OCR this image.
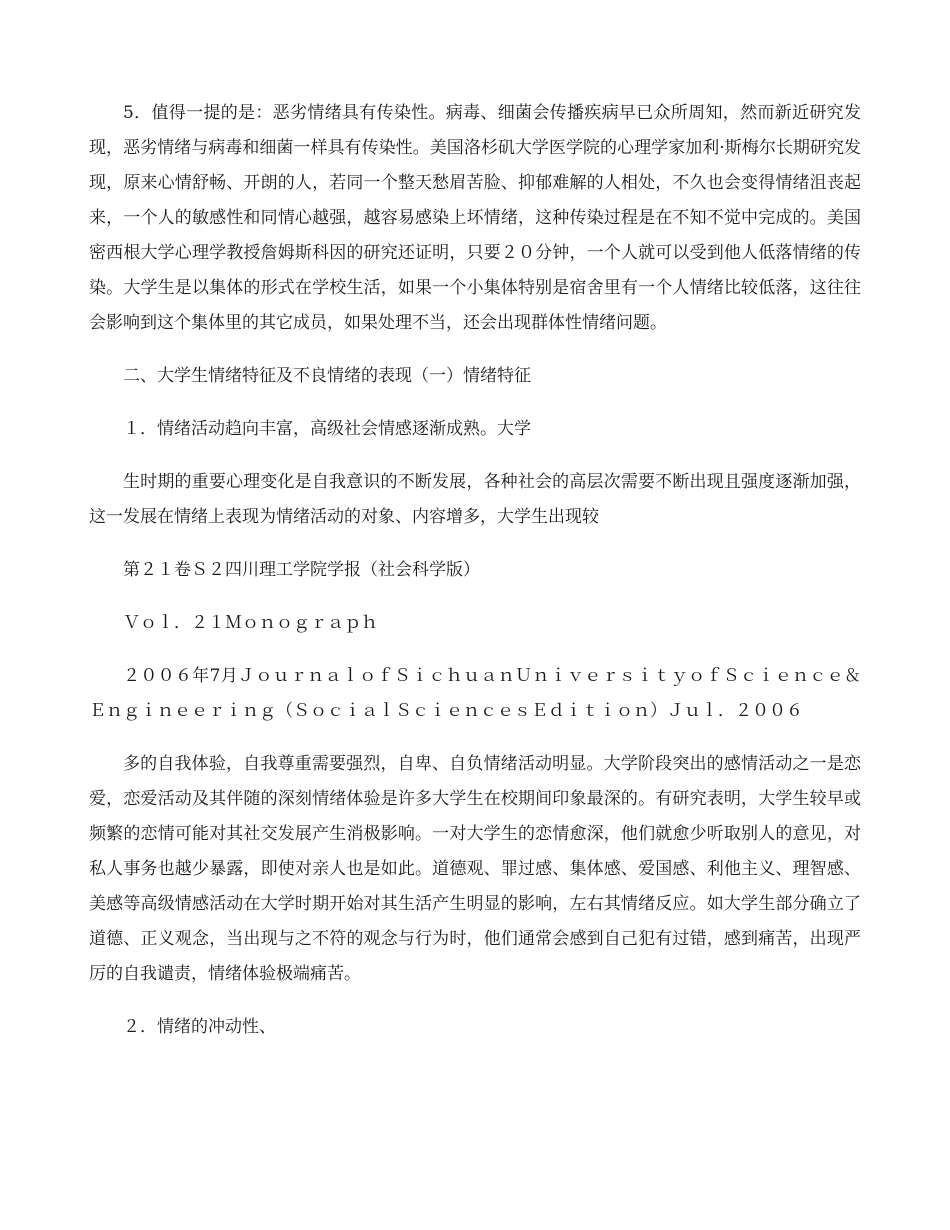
5．值得一提的是：恶劣情绪具有传染性。病毒、细菌会传播疾病早已众所周知，然而新近研究发现，恶劣情绪与病毒和细菌一样具有传染性。美国洛杉矶大学医学院的心理学家加利·斯梅尔长期研究发现，原来心情舒畅、开朗的人，若同一个整天愁眉苦脸、抑郁难解的人相处，不久也会变得情绪沮丧起来，一个人的敏感性和同情心越强，越容易感染上坏情绪，这种传染过程是在不知不觉中完成的。美国密西根大学心理学教授詹姆斯科因的研究还证明，只要２０分钟，一个人就可以受到他人低落情绪的传染。大学生是以集体的形式在学校生活，如果一个小集体特别是宿舍里有一个人情绪比较低落，这往往会影响到这个集体里的其它成员，如果处理不当，还会出现群体性情绪问题。

二、大学生情绪特征及不良情绪的表现（一）情绪特征

１．情绪活动趋向丰富，高级社会情感逐渐成熟。大学

生时期的重要心理变化是自我意识的不断发展，各种社会的高层次需要不断出现且强度逐渐加强，这一发展在情绪上表现为情绪活动的对象、内容增多，大学生出现较

第２１卷Ｓ２四川理工学院学报（社会科学版）

Ｖｏｌ．２１Ｍｏｎｏｇｒａｐｈ

２００６年7月ＪｏｕｒｎａｌｏｆＳｉｃｈｕａｎＵｎｉｖｅｒｓｉｔｙｏｆＳｃｉｅｎｃｅ＆Ｅｎｇｉｎｅｅｒｉｎｇ（ＳｏｃｉａｌＳｃｉｅｎｃｅｓＥｄｉｔｉｏｎ）Ｊｕｌ．２００６

多的自我体验，自我尊重需要强烈，自卑、自负情绪活动明显。大学阶段突出的感情活动之一是恋爱，恋爱活动及其伴随的深刻情绪体验是许多大学生在校期间印象最深的。有研究表明，大学生较早或频繁的恋情可能对其社交发展产生消极影响。一对大学生的恋情愈深，他们就愈少听取别人的意见，对私人事务也越少暴露，即使对亲人也是如此。道德观、罪过感、集体感、爱国感、利他主义、理智感、美感等高级情感活动在大学时期开始对其生活产生明显的影响，左右其情绪反应。如大学生部分确立了道德、正义观念，当出现与之不符的观念与行为时，他们通常会感到自己犯有过错，感到痛苦，出现严厉的自我谴责，情绪体验极端痛苦。

２．情绪的冲动性、
